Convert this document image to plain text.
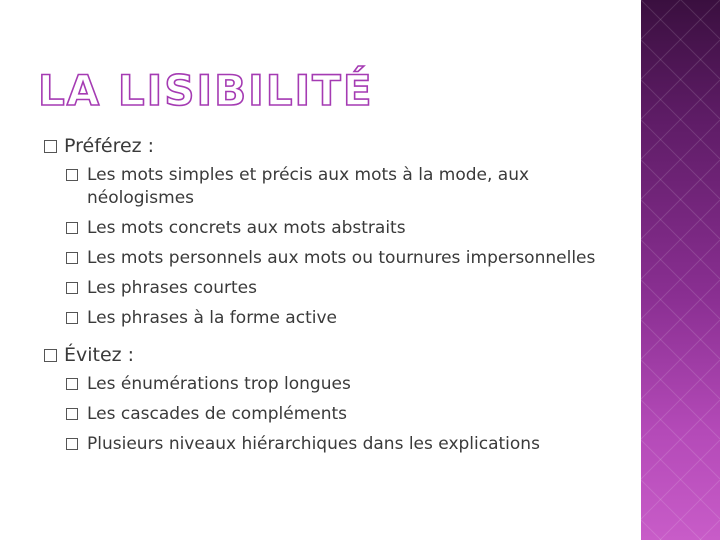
LA LISIBILITÉ
Préférez :
Les mots simples et précis aux mots à la mode, aux néologismes
Les mots concrets aux mots abstraits
Les mots personnels aux mots ou tournures impersonnelles
Les phrases courtes
Les phrases à la forme active
Évitez :
Les énumérations trop longues
Les cascades de compléments
Plusieurs niveaux hiérarchiques dans les explications
